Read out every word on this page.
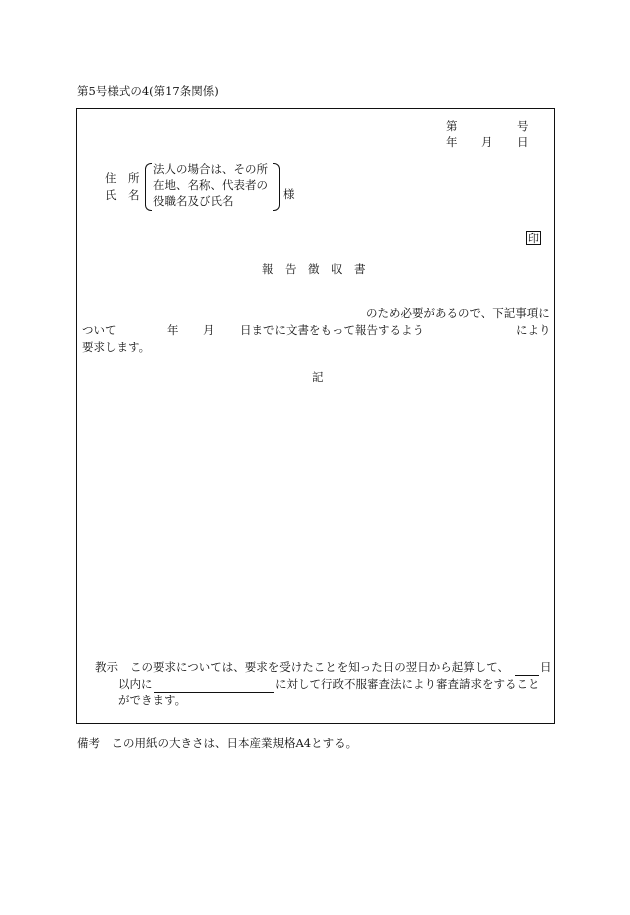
第5号様式の4(第17条関係)
第	号
年 月 日
住　所
氏　名
法人の場合は、その所
在地、名称、代表者の
役職名及び氏名	様
印
報　告　徴　収　書
のため必要があるので、下記事項に
ついて	年 月 日までに文書をもって報告するよう	により
要求します。
記
教示 この要求については、要求を受けたことを知った日の翌日から起算して、	日
以内に	に対して行政不服審査法により審査請求をすること
ができます。
備考　この用紙の大きさは、日本産業規格A4とする。
